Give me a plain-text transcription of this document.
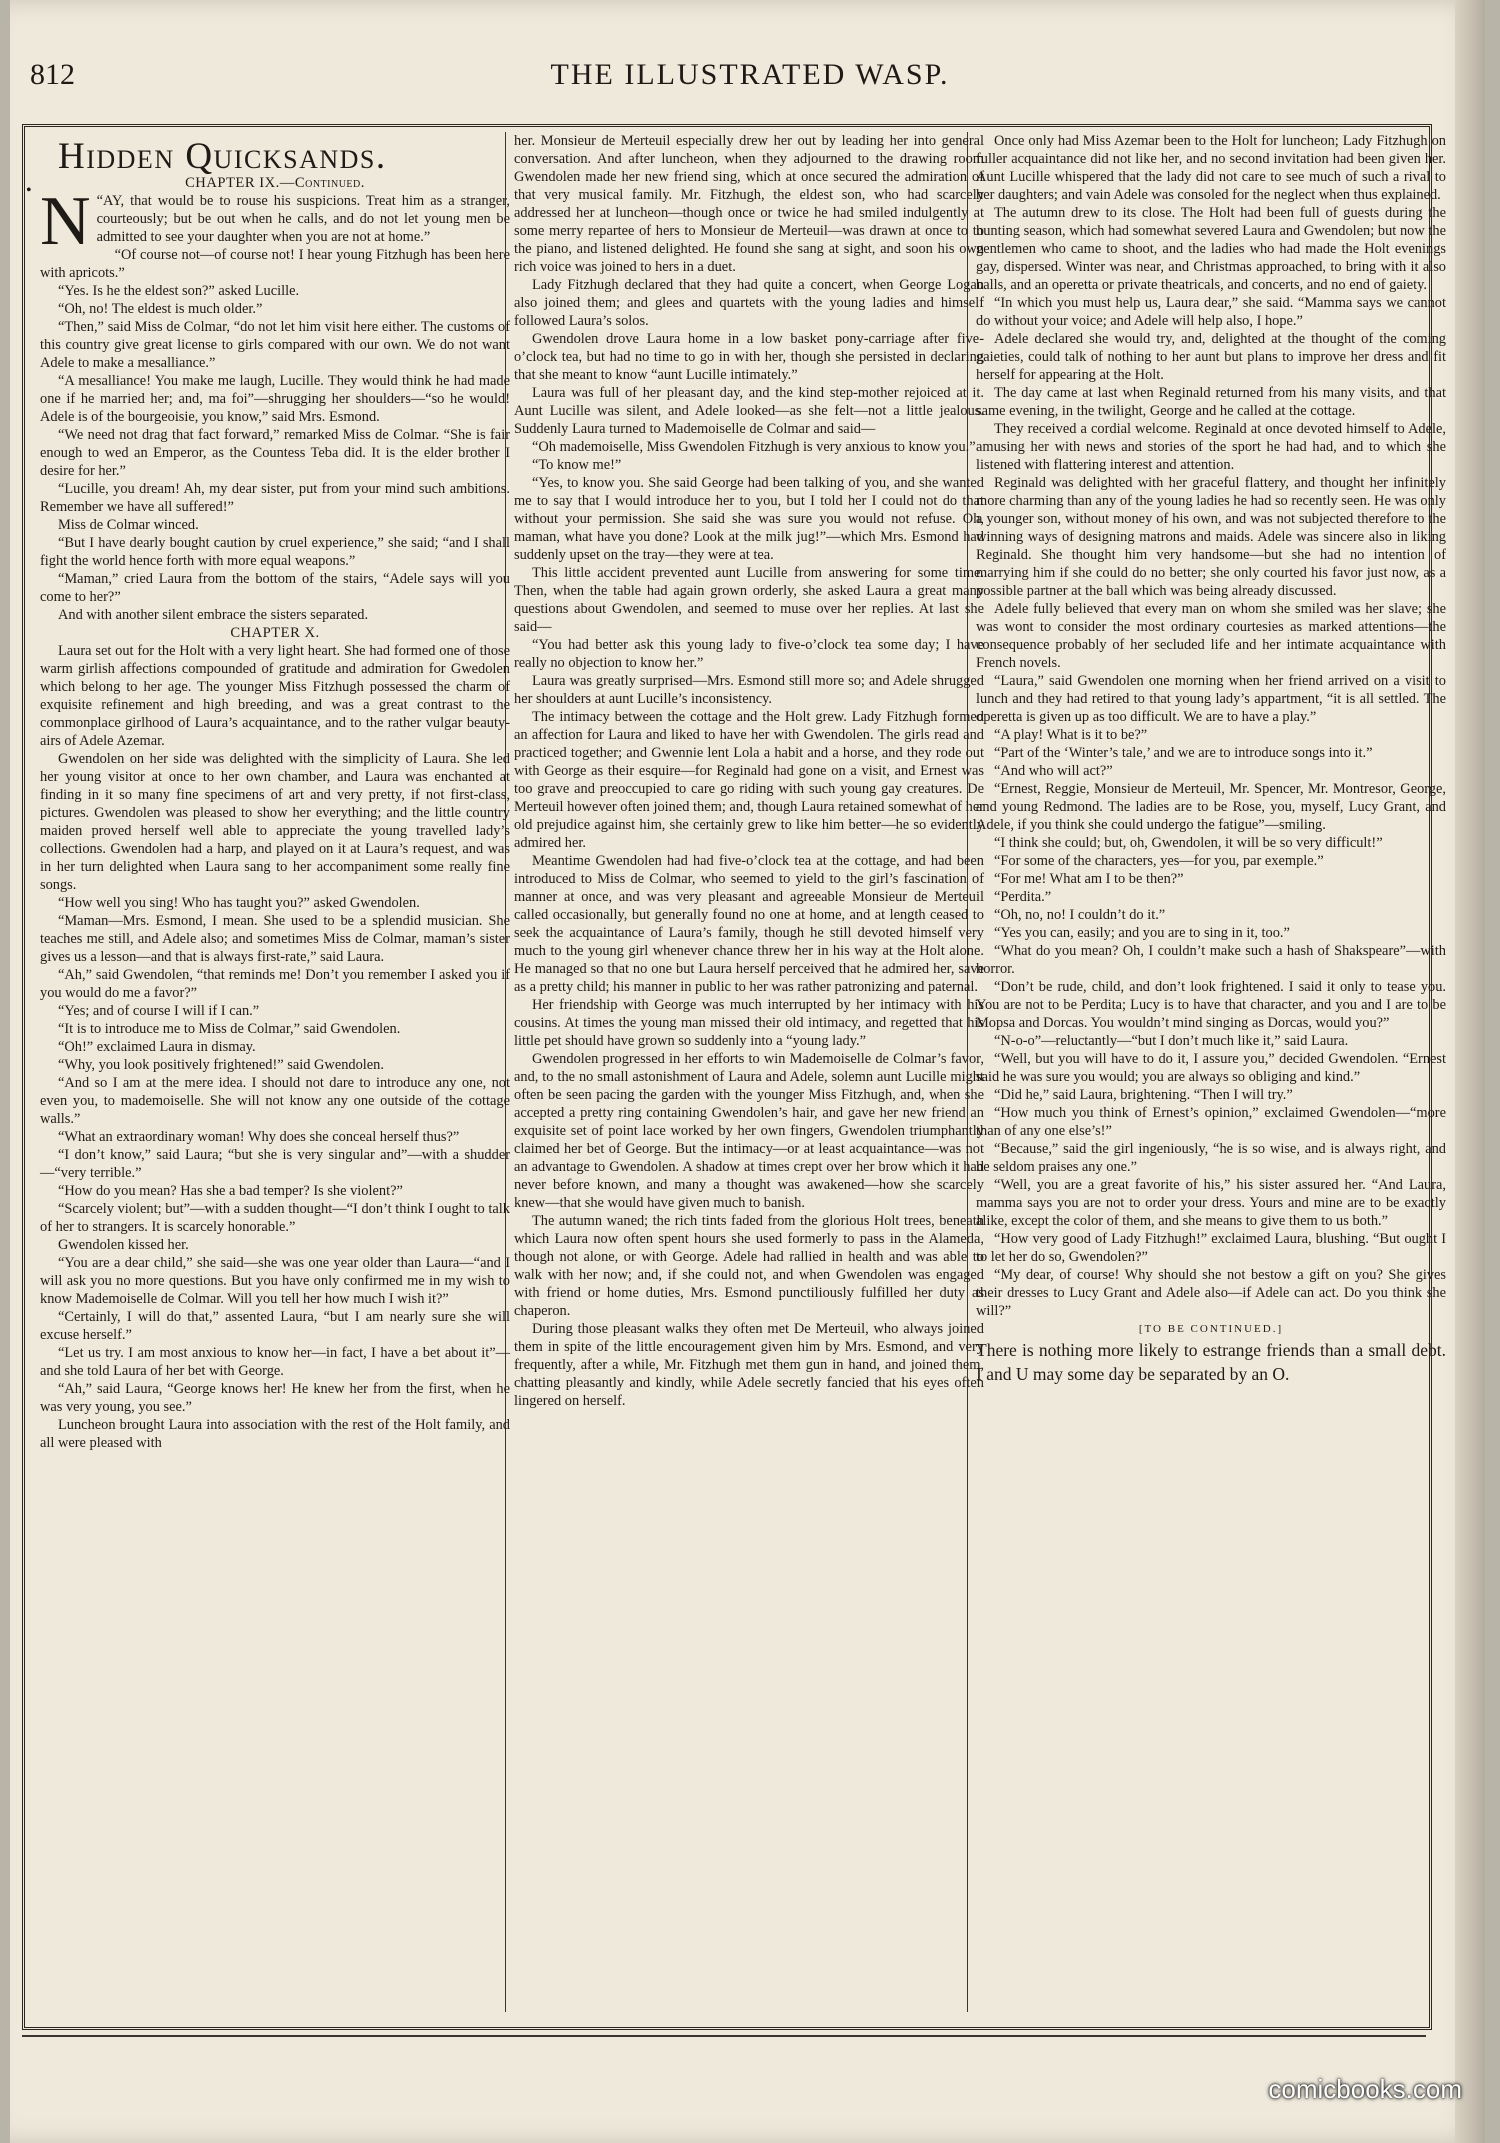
812	THE ILLUSTRATED WASP.
•
Hidden Quicksands.

CHAPTER IX.—Continued.

N “AY, that would be to rouse his suspicions. Treat him as a stranger, courteously; but be out when he calls, and do not let young men be admitted to see your daughter when you are not at home.”

“Of course not—of course not! I hear young Fitzhugh has been here with apricots.”

“Yes. Is he the eldest son?” asked Lucille.

“Oh, no! The eldest is much older.”

“Then,” said Miss de Colmar, “do not let him visit here either. The customs of this country give great license to girls compared with our own. We do not want Adele to make a mesalliance.”

“A mesalliance! You make me laugh, Lucille. They would think he had made one if he married her; and, ma foi”—shrugging her shoulders—“so he would! Adele is of the bourgeoisie, you know,” said Mrs. Esmond.

“We need not drag that fact forward,” remarked Miss de Colmar. “She is fair enough to wed an Emperor, as the Countess Teba did. It is the elder brother I desire for her.”

“Lucille, you dream! Ah, my dear sister, put from your mind such ambitions. Remember we have all suffered!”

Miss de Colmar winced.

“But I have dearly bought caution by cruel experience,” she said; “and I shall fight the world hence forth with more equal weapons.”

“Maman,” cried Laura from the bottom of the stairs, “Adele says will you come to her?”

And with another silent embrace the sisters separated.

CHAPTER X.

Laura set out for the Holt with a very light heart. She had formed one of those warm girlish affections compounded of gratitude and admiration for Gwedolen which belong to her age. The younger Miss Fitzhugh possessed the charm of exquisite refinement and high breeding, and was a great contrast to the commonplace girlhood of Laura’s acquaintance, and to the rather vulgar beauty-airs of Adele Azemar.

Gwendolen on her side was delighted with the simplicity of Laura. She led her young visitor at once to her own chamber, and Laura was enchanted at finding in it so many fine specimens of art and very pretty, if not first-class, pictures. Gwendolen was pleased to show her everything; and the little country maiden proved herself well able to appreciate the young travelled lady’s collections. Gwendolen had a harp, and played on it at Laura’s request, and was in her turn delighted when Laura sang to her accompaniment some really fine songs.

“How well you sing! Who has taught you?” asked Gwendolen.

“Maman—Mrs. Esmond, I mean. She used to be a splendid musician. She teaches me still, and Adele also; and sometimes Miss de Colmar, maman’s sister gives us a lesson—and that is always first-rate,” said Laura.

“Ah,” said Gwendolen, “that reminds me! Don’t you remember I asked you if you would do me a favor?”

“Yes; and of course I will if I can.”

“It is to introduce me to Miss de Colmar,” said Gwendolen.

“Oh!” exclaimed Laura in dismay.

“Why, you look positively frightened!” said Gwendolen.

“And so I am at the mere idea. I should not dare to introduce any one, not even you, to mademoiselle. She will not know any one outside of the cottage walls.”

“What an extraordinary woman! Why does she conceal herself thus?”

“I don’t know,” said Laura; “but she is very singular and”—with a shudder—“very terrible.”

“How do you mean? Has she a bad temper? Is she violent?”

“Scarcely violent; but”—with a sudden thought—“I don’t think I ought to talk of her to strangers. It is scarcely honorable.”

Gwendolen kissed her.

“You are a dear child,” she said—she was one year older than Laura—“and I will ask you no more questions. But you have only confirmed me in my wish to know Mademoiselle de Colmar. Will you tell her how much I wish it?”

“Certainly, I will do that,” assented Laura, “but I am nearly sure she will excuse herself.”

“Let us try. I am most anxious to know her—in fact, I have a bet about it”—and she told Laura of her bet with George.

“Ah,” said Laura, “George knows her! He knew her from the first, when he was very young, you see.”

Luncheon brought Laura into association with the rest of the Holt family, and all were pleased with

her. Monsieur de Merteuil especially drew her out by leading her into general conversation. And after luncheon, when they adjourned to the drawing room Gwendolen made her new friend sing, which at once secured the admiration of that very musical family. Mr. Fitzhugh, the eldest son, who had scarcely addressed her at luncheon—though once or twice he had smiled indulgently at some merry repartee of hers to Monsieur de Merteuil—was drawn at once to to the piano, and listened delighted. He found she sang at sight, and soon his own rich voice was joined to hers in a duet.

Lady Fitzhugh declared that they had quite a concert, when George Logan also joined them; and glees and quartets with the young ladies and himself followed Laura’s solos.

Gwendolen drove Laura home in a low basket pony-carriage after five-o’clock tea, but had no time to go in with her, though she persisted in declaring that she meant to know “aunt Lucille intimately.”

Laura was full of her pleasant day, and the kind step-mother rejoiced at it. Aunt Lucille was silent, and Adele looked—as she felt—not a little jealous. Suddenly Laura turned to Mademoiselle de Colmar and said—

“Oh mademoiselle, Miss Gwendolen Fitzhugh is very anxious to know you.”

“To know me!”

“Yes, to know you. She said George had been talking of you, and she wanted me to say that I would introduce her to you, but I told her I could not do that without your permission. She said she was sure you would not refuse. Oh, maman, what have you done? Look at the milk jug!”—which Mrs. Esmond had suddenly upset on the tray—they were at tea.

This little accident prevented aunt Lucille from answering for some time. Then, when the table had again grown orderly, she asked Laura a great many questions about Gwendolen, and seemed to muse over her replies. At last she said—

“You had better ask this young lady to five-o’clock tea some day; I have really no objection to know her.”

Laura was greatly surprised—Mrs. Esmond still more so; and Adele shrugged her shoulders at aunt Lucille’s inconsistency.

The intimacy between the cottage and the Holt grew. Lady Fitzhugh formed an affection for Laura and liked to have her with Gwendolen. The girls read and practiced together; and Gwennie lent Lola a habit and a horse, and they rode out with George as their esquire—for Reginald had gone on a visit, and Ernest was too grave and preoccupied to care go riding with such young gay creatures. De Merteuil however often joined them; and, though Laura retained somewhat of her old prejudice against him, she certainly grew to like him better—he so evidently admired her.

Meantime Gwendolen had had five-o’clock tea at the cottage, and had been introduced to Miss de Colmar, who seemed to yield to the girl’s fascination of manner at once, and was very pleasant and agreeable Monsieur de Merteuil called occasionally, but generally found no one at home, and at length ceased to seek the acquaintance of Laura’s family, though he still devoted himself very much to the young girl whenever chance threw her in his way at the Holt alone. He managed so that no one but Laura herself perceived that he admired her, save as a pretty child; his manner in public to her was rather patronizing and paternal.

Her friendship with George was much interrupted by her intimacy with his cousins. At times the young man missed their old intimacy, and regetted that his little pet should have grown so suddenly into a “young lady.”

Gwendolen progressed in her efforts to win Mademoiselle de Colmar’s favor, and, to the no small astonishment of Laura and Adele, solemn aunt Lucille might often be seen pacing the garden with the younger Miss Fitzhugh, and, when she accepted a pretty ring containing Gwendolen’s hair, and gave her new friend an exquisite set of point lace worked by her own fingers, Gwendolen triumphantly claimed her bet of George. But the intimacy—or at least acquaintance—was not an advantage to Gwendolen. A shadow at times crept over her brow which it had never before known, and many a thought was awakened—how she scarcely knew—that she would have given much to banish.

The autumn waned; the rich tints faded from the glorious Holt trees, beneath which Laura now often spent hours she used formerly to pass in the Alameda, though not alone, or with George. Adele had rallied in health and was able to walk with her now; and, if she could not, and when Gwendolen was engaged with friend or home duties, Mrs. Esmond punctiliously fulfilled her duty as chaperon.

During those pleasant walks they often met De Merteuil, who always joined them in spite of the little encouragement given him by Mrs. Esmond, and very frequently, after a while, Mr. Fitzhugh met them gun in hand, and joined them, chatting pleasantly and kindly, while Adele secretly fancied that his eyes often lingered on herself.

Once only had Miss Azemar been to the Holt for luncheon; Lady Fitzhugh on fuller acquaintance did not like her, and no second invitation had been given her. Aunt Lucille whispered that the lady did not care to see much of such a rival to her daughters; and vain Adele was consoled for the neglect when thus explained.

The autumn drew to its close. The Holt had been full of guests during the hunting season, which had somewhat severed Laura and Gwendolen; but now the gentlemen who came to shoot, and the ladies who had made the Holt evenings gay, dispersed. Winter was near, and Christmas approached, to bring with it also balls, and an operetta or private theatricals, and concerts, and no end of gaiety.

“In which you must help us, Laura dear,” she said. “Mamma says we cannot do without your voice; and Adele will help also, I hope.”

Adele declared she would try, and, delighted at the thought of the coming gaieties, could talk of nothing to her aunt but plans to improve her dress and fit herself for appearing at the Holt.

The day came at last when Reginald returned from his many visits, and that same evening, in the twilight, George and he called at the cottage.

They received a cordial welcome. Reginald at once devoted himself to Adele, amusing her with news and stories of the sport he had had, and to which she listened with flattering interest and attention.

Reginald was delighted with her graceful flattery, and thought her infinitely more charming than any of the young ladies he had so recently seen. He was only a younger son, without money of his own, and was not subjected therefore to the winning ways of designing matrons and maids. Adele was sincere also in liking Reginald. She thought him very handsome—but she had no intention of marrying him if she could do no better; she only courted his favor just now, as a possible partner at the ball which was being already discussed.

Adele fully believed that every man on whom she smiled was her slave; she was wont to consider the most ordinary courtesies as marked attentions—the consequence probably of her secluded life and her intimate acquaintance with French novels.

“Laura,” said Gwendolen one morning when her friend arrived on a visit to lunch and they had retired to that young lady’s appartment, “it is all settled. The operetta is given up as too difficult. We are to have a play.”

“A play! What is it to be?”

“Part of the ‘Winter’s tale,’ and we are to introduce songs into it.”

“And who will act?”

“Ernest, Reggie, Monsieur de Merteuil, Mr. Spencer, Mr. Montresor, George, and young Redmond. The ladies are to be Rose, you, myself, Lucy Grant, and Adele, if you think she could undergo the fatigue”—smiling.

“I think she could; but, oh, Gwendolen, it will be so very difficult!”

“For some of the characters, yes—for you, par exemple.”

“For me! What am I to be then?”

“Perdita.”

“Oh, no, no! I couldn’t do it.”

“Yes you can, easily; and you are to sing in it, too.”

“What do you mean? Oh, I couldn’t make such a hash of Shakspeare”—with horror.

“Don’t be rude, child, and don’t look frightened. I said it only to tease you. You are not to be Perdita; Lucy is to have that character, and you and I are to be Mopsa and Dorcas. You wouldn’t mind singing as Dorcas, would you?”

“N-o-o”—reluctantly—“but I don’t much like it,” said Laura.

“Well, but you will have to do it, I assure you,” decided Gwendolen. “Ernest said he was sure you would; you are always so obliging and kind.”

“Did he,” said Laura, brightening. “Then I will try.”

“How much you think of Ernest’s opinion,” exclaimed Gwendolen—“more than of any one else’s!”

“Because,” said the girl ingeniously, “he is so wise, and is always right, and he seldom praises any one.”

“Well, you are a great favorite of his,” his sister assured her. “And Laura, mamma says you are not to order your dress. Yours and mine are to be exactly alike, except the color of them, and she means to give them to us both.”

“How very good of Lady Fitzhugh!” exclaimed Laura, blushing. “But ought I to let her do so, Gwendolen?”

“My dear, of course! Why should she not bestow a gift on you? She gives their dresses to Lucy Grant and Adele also—if Adele can act. Do you think she will?”

[TO BE CONTINUED.]

There is nothing more likely to estrange friends than a small debt. I and U may some day be separated by an O.

comicbooks.com
